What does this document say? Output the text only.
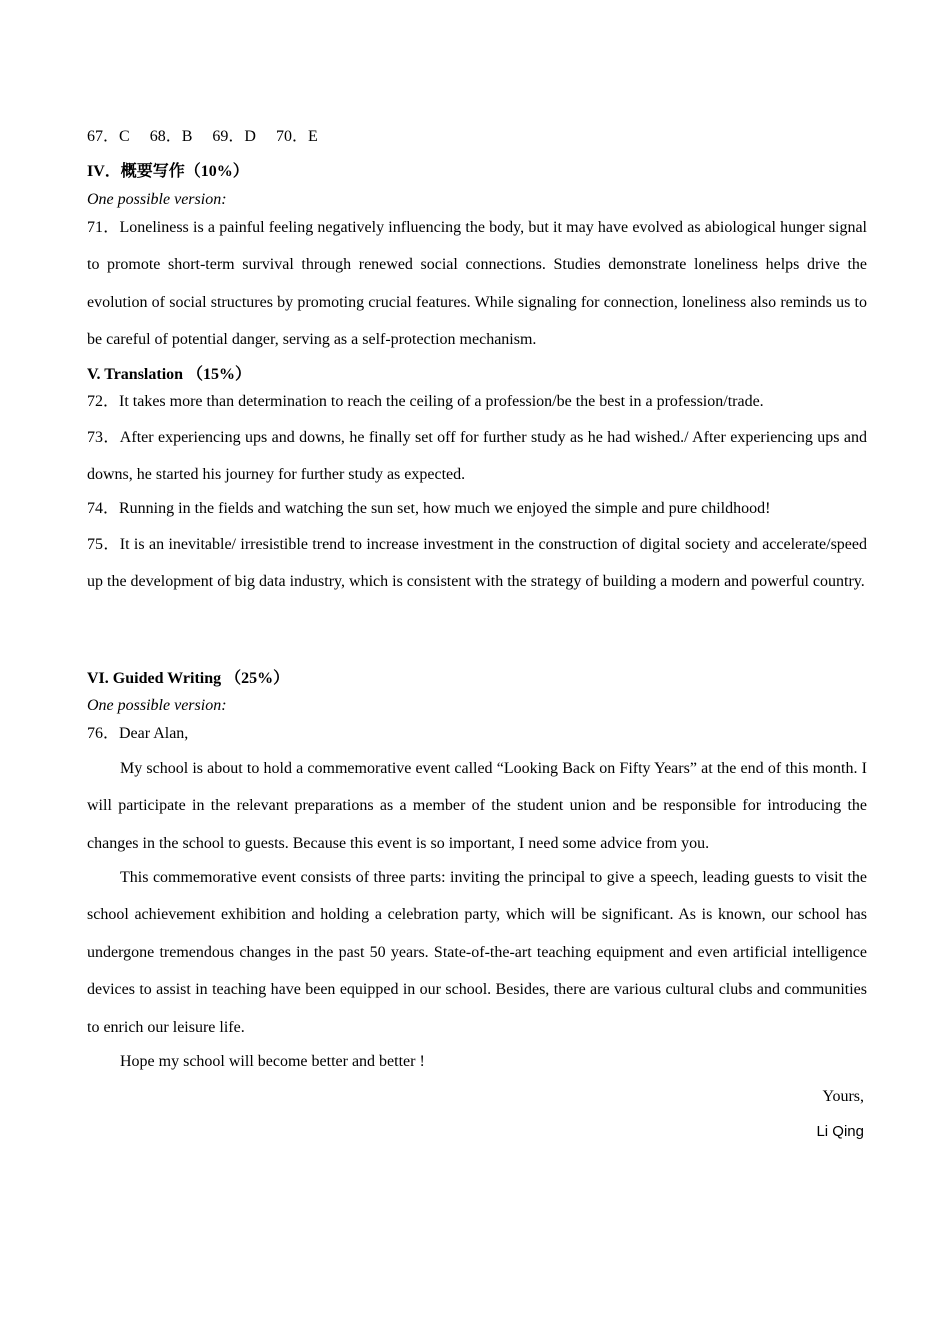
67．C 68．B 69．D 70．E
IV．概要写作（10%）
One possible version:
71．Loneliness is a painful feeling negatively influencing the body, but it may have evolved as abiological hunger signal to promote short-term survival through renewed social connections. Studies demonstrate loneliness helps drive the evolution of social structures by promoting crucial features. While signaling for connection, loneliness also reminds us to be careful of potential danger, serving as a self-protection mechanism.
V. Translation （15%）
72．It takes more than determination to reach the ceiling of a profession/be the best in a profession/trade.
73．After experiencing ups and downs, he finally set off for further study as he had wished./ After experiencing ups and downs, he started his journey for further study as expected.
74．Running in the fields and watching the sun set, how much we enjoyed the simple and pure childhood!
75．It is an inevitable/ irresistible trend to increase investment in the construction of digital society and accelerate/speed up the development of big data industry, which is consistent with the strategy of building a modern and powerful country.
VI. Guided Writing （25%）
One possible version:
76．Dear Alan,
My school is about to hold a commemorative event called “Looking Back on Fifty Years” at the end of this month. I will participate in the relevant preparations as a member of the student union and be responsible for introducing the changes in the school to guests. Because this event is so important, I need some advice from you.
This commemorative event consists of three parts: inviting the principal to give a speech, leading guests to visit the school achievement exhibition and holding a celebration party, which will be significant. As is known, our school has undergone tremendous changes in the past 50 years. State-of-the-art teaching equipment and even artificial intelligence devices to assist in teaching have been equipped in our school. Besides, there are various cultural clubs and communities to enrich our leisure life.
Hope my school will become better and better !
Yours,
Li Qing
